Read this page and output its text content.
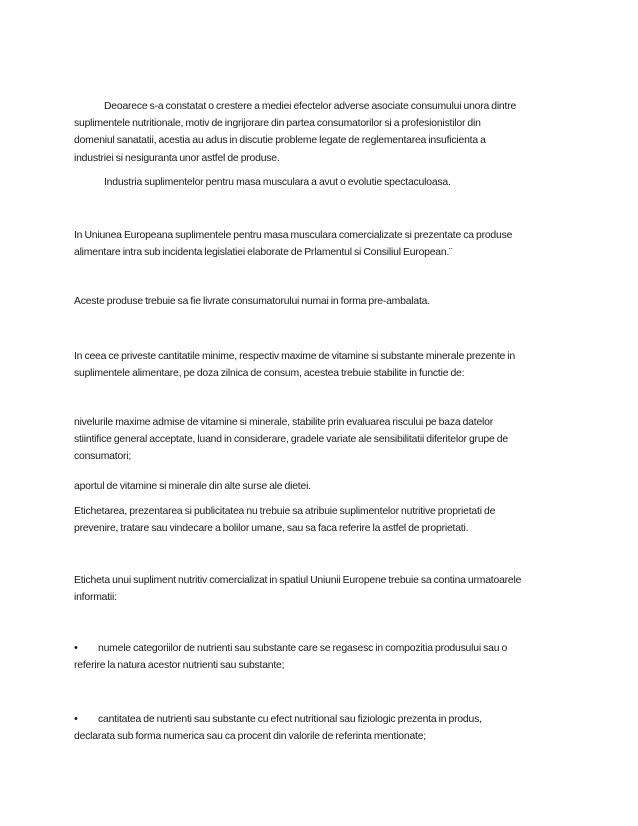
Deoarece s-a constatat o crestere a mediei efectelor adverse asociate consumului unora dintre
suplimentele nutritionale, motiv de ingrijorare din partea consumatorilor si a profesionistilor din
domeniul sanatatii, acestia au adus in discutie probleme legate de reglementarea insuficienta a
industriei si nesiguranta unor astfel de produse.

Industria suplimentelor pentru masa musculara a avut o evolutie spectaculoasa.

In Uniunea Europeana suplimentele pentru masa musculara comercializate si prezentate ca produse
alimentare intra sub incidenta legislatiei elaborate de Prlamentul si Consiliul European.¨

Aceste produse trebuie sa fie livrate consumatorului numai in forma pre-ambalata.

In ceea ce priveste cantitatile minime, respectiv maxime de vitamine si substante minerale prezente in
suplimentele alimentare, pe doza zilnica de consum, acestea trebuie stabilite in functie de:

nivelurile maxime admise de vitamine si minerale, stabilite prin evaluarea riscului pe baza datelor
stiintifice general acceptate, luand in considerare, gradele variate ale sensibilitatii diferitelor grupe de
consumatori;

aportul de vitamine si minerale din alte surse ale dietei.

Etichetarea, prezentarea si publicitatea nu trebuie sa atribuie suplimentelor nutritive proprietati de
prevenire, tratare sau vindecare a bolilor umane, sau sa faca referire la astfel de proprietati.

Eticheta unui supliment nutritiv comercializat in spatiul Uniunii Europene trebuie sa contina urmatoarele
informatii:

• numele categoriilor de nutrienti sau substante care se regasesc in compozitia produsului sau o
referire la natura acestor nutrienti sau substante;

• cantitatea de nutrienti sau substante cu efect nutritional sau fiziologic prezenta in produs,
declarata sub forma numerica sau ca procent din valorile de referinta mentionate;
